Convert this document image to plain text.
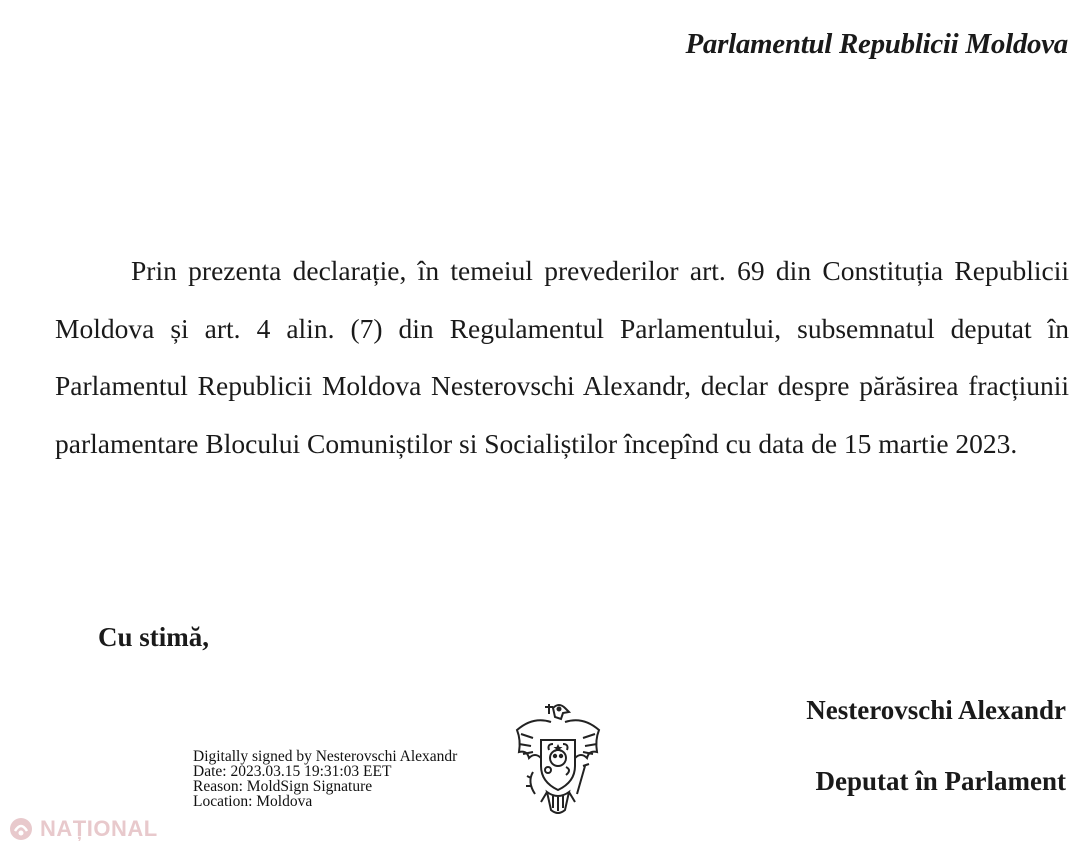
Parlamentul Republicii Moldova

Prin prezenta declarație, în temeiul prevederilor art. 69 din Constituția Republicii Moldova și art. 4 alin. (7) din Regulamentul Parlamentului, subsemnatul deputat în Parlamentul Republicii Moldova Nesterovschi Alexandr, declar despre părăsirea fracțiunii parlamentare Blocului Comuniștilor si Socialiștilor începînd cu data de 15 martie 2023.

Cu stimă,
Nesterovschi Alexandr
Deputat în Parlament
Digitally signed by Nesterovschi Alexandr
Date: 2023.03.15 19:31:03 EET
Reason: MoldSign Signature
Location: Moldova
NAȚIONAL
